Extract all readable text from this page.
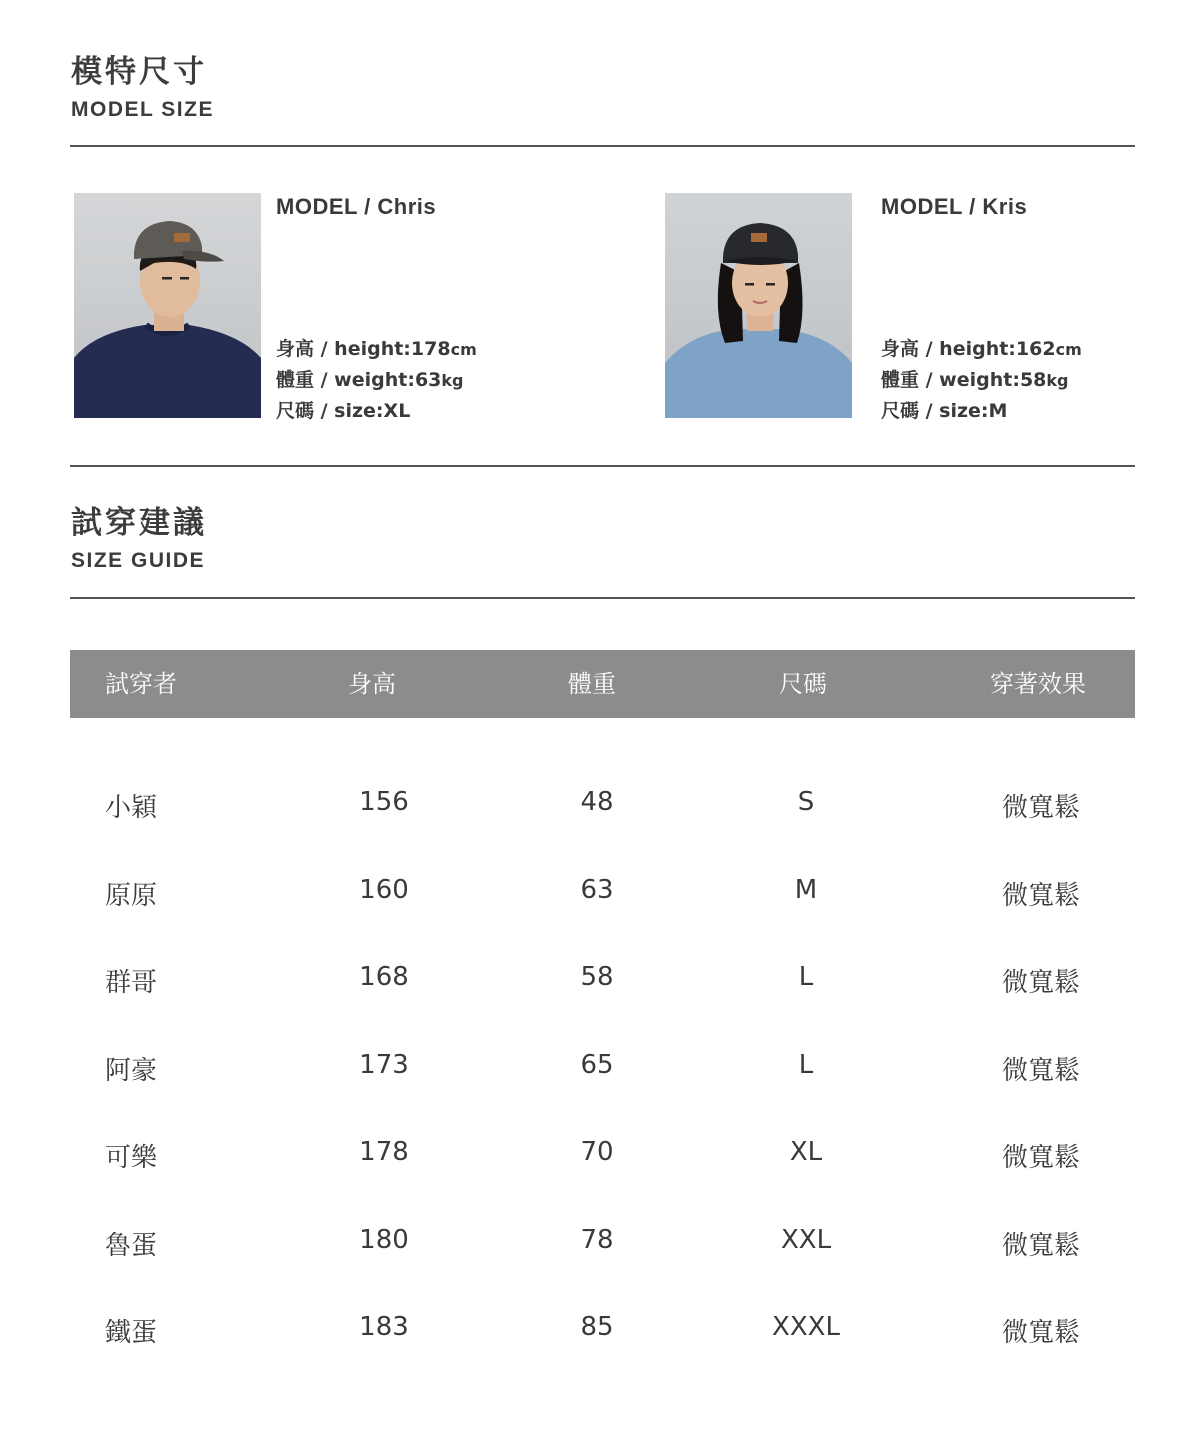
模特尺寸
MODEL SIZE
MODEL / Chris
身高 / height:178cm
體重 / weight:63kg
尺碼 / size:XL
MODEL / Kris
身高 / height:162cm
體重 / weight:58kg
尺碼 / size:M
試穿建議
SIZE GUIDE
試穿者	身高	體重	尺碼	穿著效果
小穎	156	48	S	微寬鬆
原原	160	63	M	微寬鬆
群哥	168	58	L	微寬鬆
阿豪	173	65	L	微寬鬆
可樂	178	70	XL	微寬鬆
魯蛋	180	78	XXL	微寬鬆
鐵蛋	183	85	XXXL	微寬鬆
